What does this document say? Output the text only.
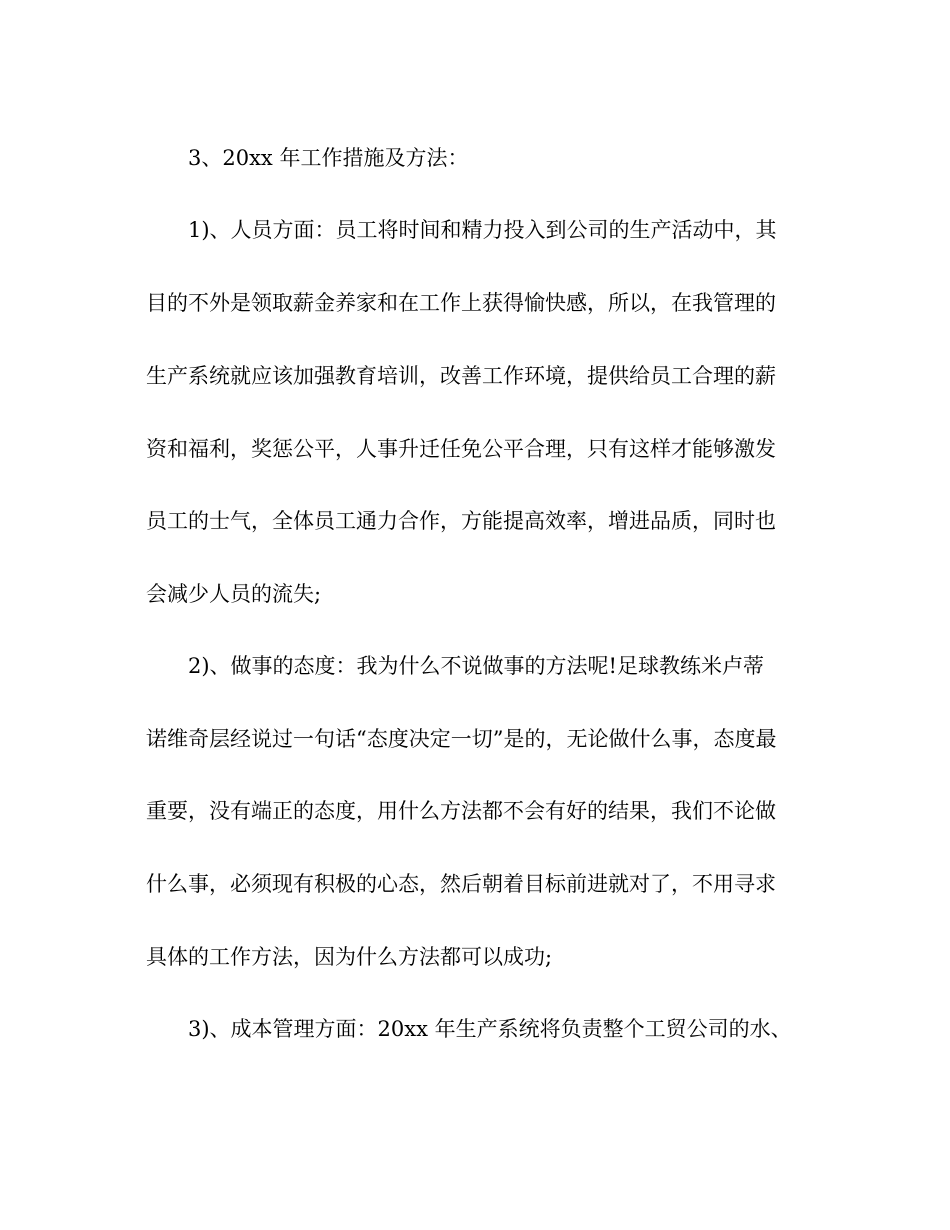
3、20xx 年工作措施及方法：
1)、人员方面：员工将时间和精力投入到公司的生产活动中，其
目的不外是领取薪金养家和在工作上获得愉快感，所以，在我管理的
生产系统就应该加强教育培训，改善工作环境，提供给员工合理的薪
资和福利，奖惩公平，人事升迁任免公平合理，只有这样才能够激发
员工的士气，全体员工通力合作，方能提高效率，增进品质，同时也
会减少人员的流失;
2)、做事的态度：我为什么不说做事的方法呢!足球教练米卢蒂
诺维奇层经说过一句话“态度决定一切”是的，无论做什么事，态度最
重要，没有端正的态度，用什么方法都不会有好的结果，我们不论做
什么事，必须现有积极的心态，然后朝着目标前进就对了，不用寻求
具体的工作方法，因为什么方法都可以成功;
3)、成本管理方面：20xx 年生产系统将负责整个工贸公司的水、
